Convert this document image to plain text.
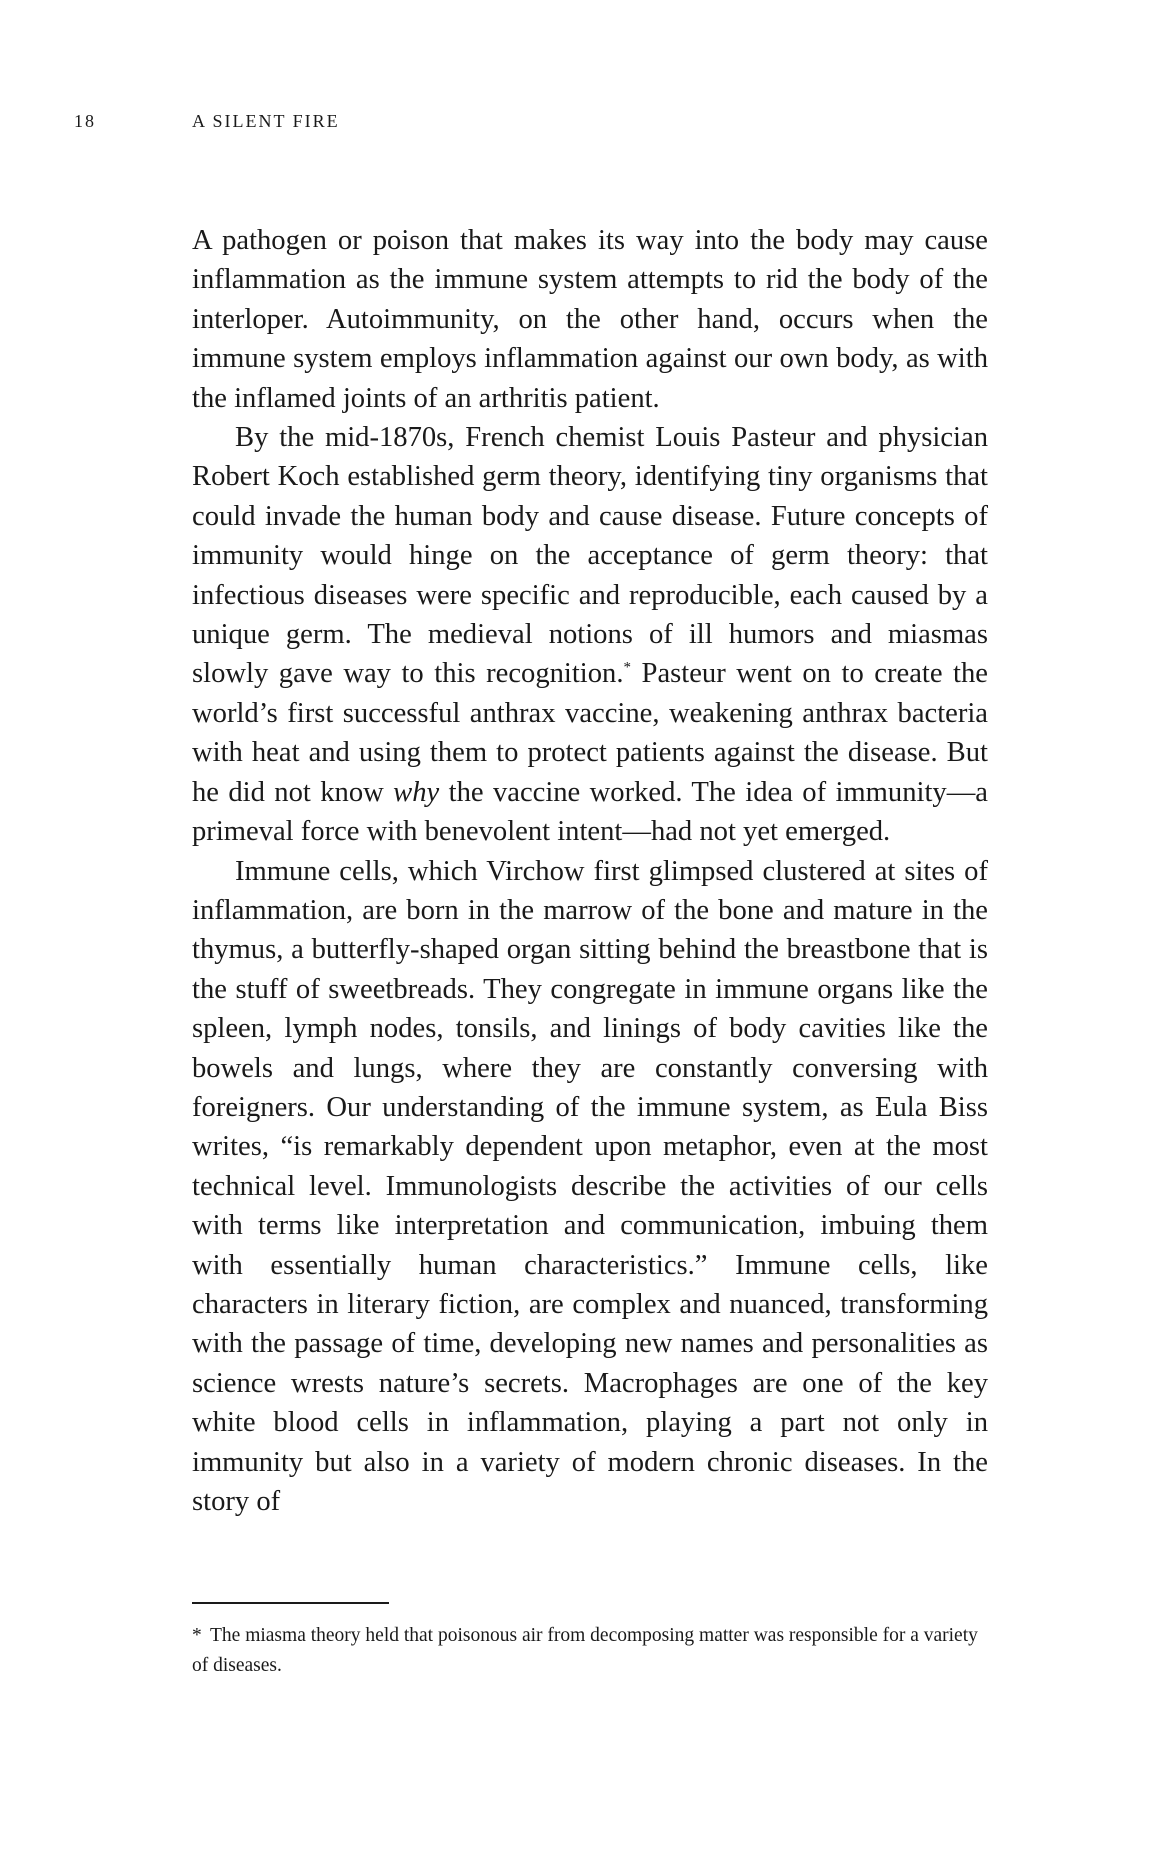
18	A SILENT FIRE

A pathogen or poison that makes its way into the body may cause inflammation as the immune system attempts to rid the body of the interloper. Autoimmunity, on the other hand, occurs when the immune system employs inflammation against our own body, as with the inflamed joints of an arthritis patient.

By the mid-1870s, French chemist Louis Pasteur and physician Robert Koch established germ theory, identifying tiny organisms that could invade the human body and cause disease. Future concepts of immunity would hinge on the acceptance of germ theory: that infectious diseases were specific and reproducible, each caused by a unique germ. The medieval notions of ill humors and miasmas slowly gave way to this recognition.* Pasteur went on to create the world’s first successful anthrax vaccine, weakening anthrax bacteria with heat and using them to protect patients against the disease. But he did not know why the vaccine worked. The idea of immunity—a primeval force with benevolent intent—had not yet emerged.

Immune cells, which Virchow first glimpsed clustered at sites of inflammation, are born in the marrow of the bone and mature in the thymus, a butterfly-shaped organ sitting behind the breastbone that is the stuff of sweetbreads. They congregate in immune organs like the spleen, lymph nodes, tonsils, and linings of body cavities like the bowels and lungs, where they are constantly conversing with foreigners. Our understanding of the immune system, as Eula Biss writes, “is remarkably dependent upon metaphor, even at the most technical level. Immunologists describe the activities of our cells with terms like interpretation and communication, imbuing them with essentially human characteristics.” Immune cells, like characters in literary fiction, are complex and nuanced, transforming with the passage of time, developing new names and personalities as science wrests nature’s secrets. Macrophages are one of the key white blood cells in inflammation, playing a part not only in immunity but also in a variety of modern chronic diseases. In the story of

* The miasma theory held that poisonous air from decomposing matter was responsible for a variety of diseases.
